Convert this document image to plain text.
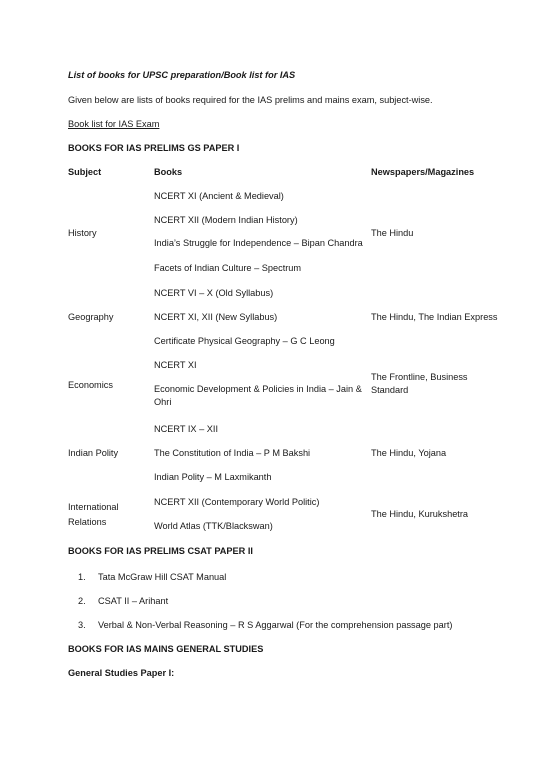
List of books for UPSC preparation/Book list for IAS
Given below are lists of books required for the IAS prelims and mains exam, subject-wise.
Book list for IAS Exam
BOOKS FOR IAS PRELIMS GS PAPER I
Subject	Books	Newspapers/Magazines
History
NCERT XI (Ancient & Medieval)
NCERT XII (Modern Indian History)
India’s Struggle for Independence – Bipan Chandra
Facets of Indian Culture – Spectrum
The Hindu
Geography
NCERT VI – X (Old Syllabus)
NCERT XI, XII (New Syllabus)
Certificate Physical Geography – G C Leong
The Hindu, The Indian Express
Economics
NCERT XI
Economic Development & Policies in India – Jain & Ohri
The Frontline, Business Standard
Indian Polity
NCERT IX – XII
The Constitution of India – P M Bakshi
Indian Polity – M Laxmikanth
The Hindu, Yojana
International Relations
NCERT XII (Contemporary World Politic)
World Atlas (TTK/Blackswan)
The Hindu, Kurukshetra
BOOKS FOR IAS PRELIMS CSAT PAPER II
1. Tata McGraw Hill CSAT Manual
2. CSAT II – Arihant
3. Verbal & Non-Verbal Reasoning – R S Aggarwal (For the comprehension passage part)
BOOKS FOR IAS MAINS GENERAL STUDIES
General Studies Paper I:
